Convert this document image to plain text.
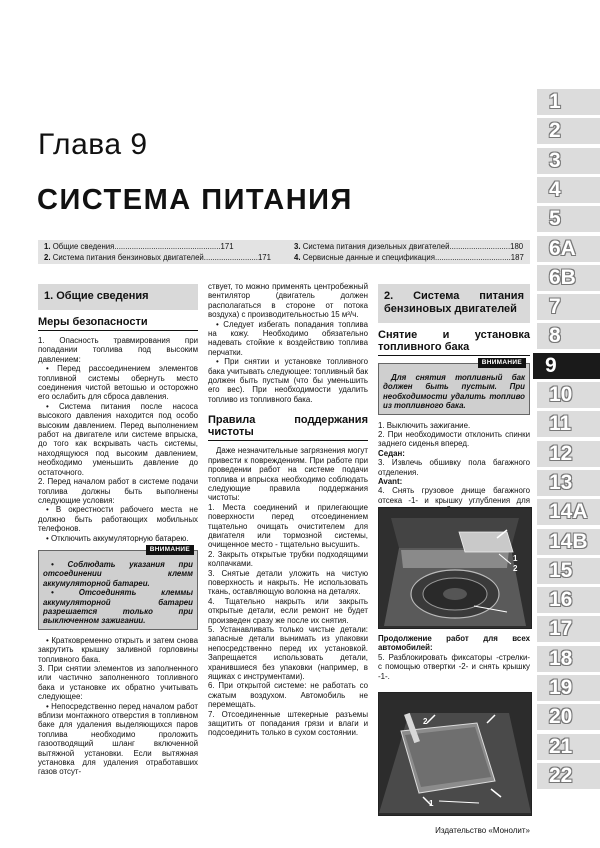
Глава 9
СИСТЕМА ПИТАНИЯ
1. Общие сведения.................................................171
2. Система питания бензиновых двигателей.........................171
3. Система питания дизельных двигателей............................180
4. Сервисные данные и спецификация...................................187
1
2
3
4
5
6A
6B
7
8
9
10
11
12
13
14A
14B
15
16
17
18
19
20
21
22
1. Общие сведения
Меры безопасности

1. Опасность травмирования при попадании топлива под высоким давлением:

• Перед рассоединением элементов топливной системы обернуть место соединения чистой ветошью и осторожно его ослабить для сброса давления.

• Система питания после насоса высокого давления находится под особо высоким давлением. Перед выполнением работ на двигателе или системе впрыска, до того как вскрывать часть системы, находящуюся под высоким давлением, необходимо уменьшить давление до остаточного.

2. Перед началом работ в системе подачи топлива должны быть выполнены следующие условия:

• В окрестности рабочего места не должно быть работающих мобильных телефонов.

• Отключить аккумуляторную батарею.

ВНИМАНИЕ
• Соблюдать указания при отсоединении клемм аккумуляторной батареи.
• Отсоединять клеммы аккумуляторной батареи разрешается только при выключенном зажигании.

• Кратковременно открыть и затем снова закрутить крышку заливной горловины топливного бака.

3. При снятии элементов из заполненного или частично заполненного топливного бака и установке их обратно учитывать следующее:

• Непосредственно перед началом работ вблизи монтажного отверстия в топливном баке для удаления выделяющихся паров топлива необходимо проложить газоотводящий шланг включенной вытяжной установки. Если вытяжная установка для удаления отработавших газов отсут-

ствует, то можно применять центробежный вентилятор (двигатель должен располагаться в стороне от потока воздуха) с производительностью 15 м³/ч.

• Следует избегать попадания топлива на кожу. Необходимо обязательно надевать стойкие к воздействию топлива перчатки.

• При снятии и установке топливного бака учитывать следующее: топливный бак должен быть пустым (что бы уменьшить его вес). При необходимости удалить топливо из топливного бака.

Правила поддержания чистоты

Даже незначительные загрязнения могут привести к повреждениям. При работе при проведении работ на системе подачи топлива и впрыска необходимо соблюдать следующие правила поддержания чистоты:

1. Места соединений и прилегающие поверхности перед отсоединением тщательно очищать очистителем для двигателя или тормозной системы, очищенное место - тщательно высушить.

2. Закрыть открытые трубки подходящими колпачками.

3. Снятые детали уложить на чистую поверхность и накрыть. Не использовать ткань, оставляющую волокна на деталях.

4. Тщательно накрыть или закрыть открытые детали, если ремонт не будет произведен сразу же после их снятия.

5. Устанавливать только чистые детали: запасные детали вынимать из упаковки непосредственно перед их установкой. Запрещается использовать детали, хранившиеся без упаковки (например, в ящиках с инструментами).

6. При открытой системе: не работать со сжатым воздухом. Автомобиль не перемещать.

7. Отсоединенные штекерные разъемы защитить от попадания грязи и влаги и подсоединить только в сухом состоянии.

2. Система питания бензиновых двигателей
Снятие и установка топливного бака
ВНИМАНИЕ
Для снятия топливный бак должен быть пустым. При необходимости удалить топливо из топливного бака.

1. Выключить зажигание.

2. При необходимости отклонить спинки заднего сиденья вперед.

Седан:

3. Извлечь обшивку пола багажного отделения.

Avant:

4. Снять грузовое днище багажного отсека -1- и крышку углубления для

1
2

Продолжение работ для всех автомобилей:

5. Разблокировать фиксаторы -стрелки- с помощью отвертки -2- и снять крышку -1-.

2
1
Издательство «Монолит»
